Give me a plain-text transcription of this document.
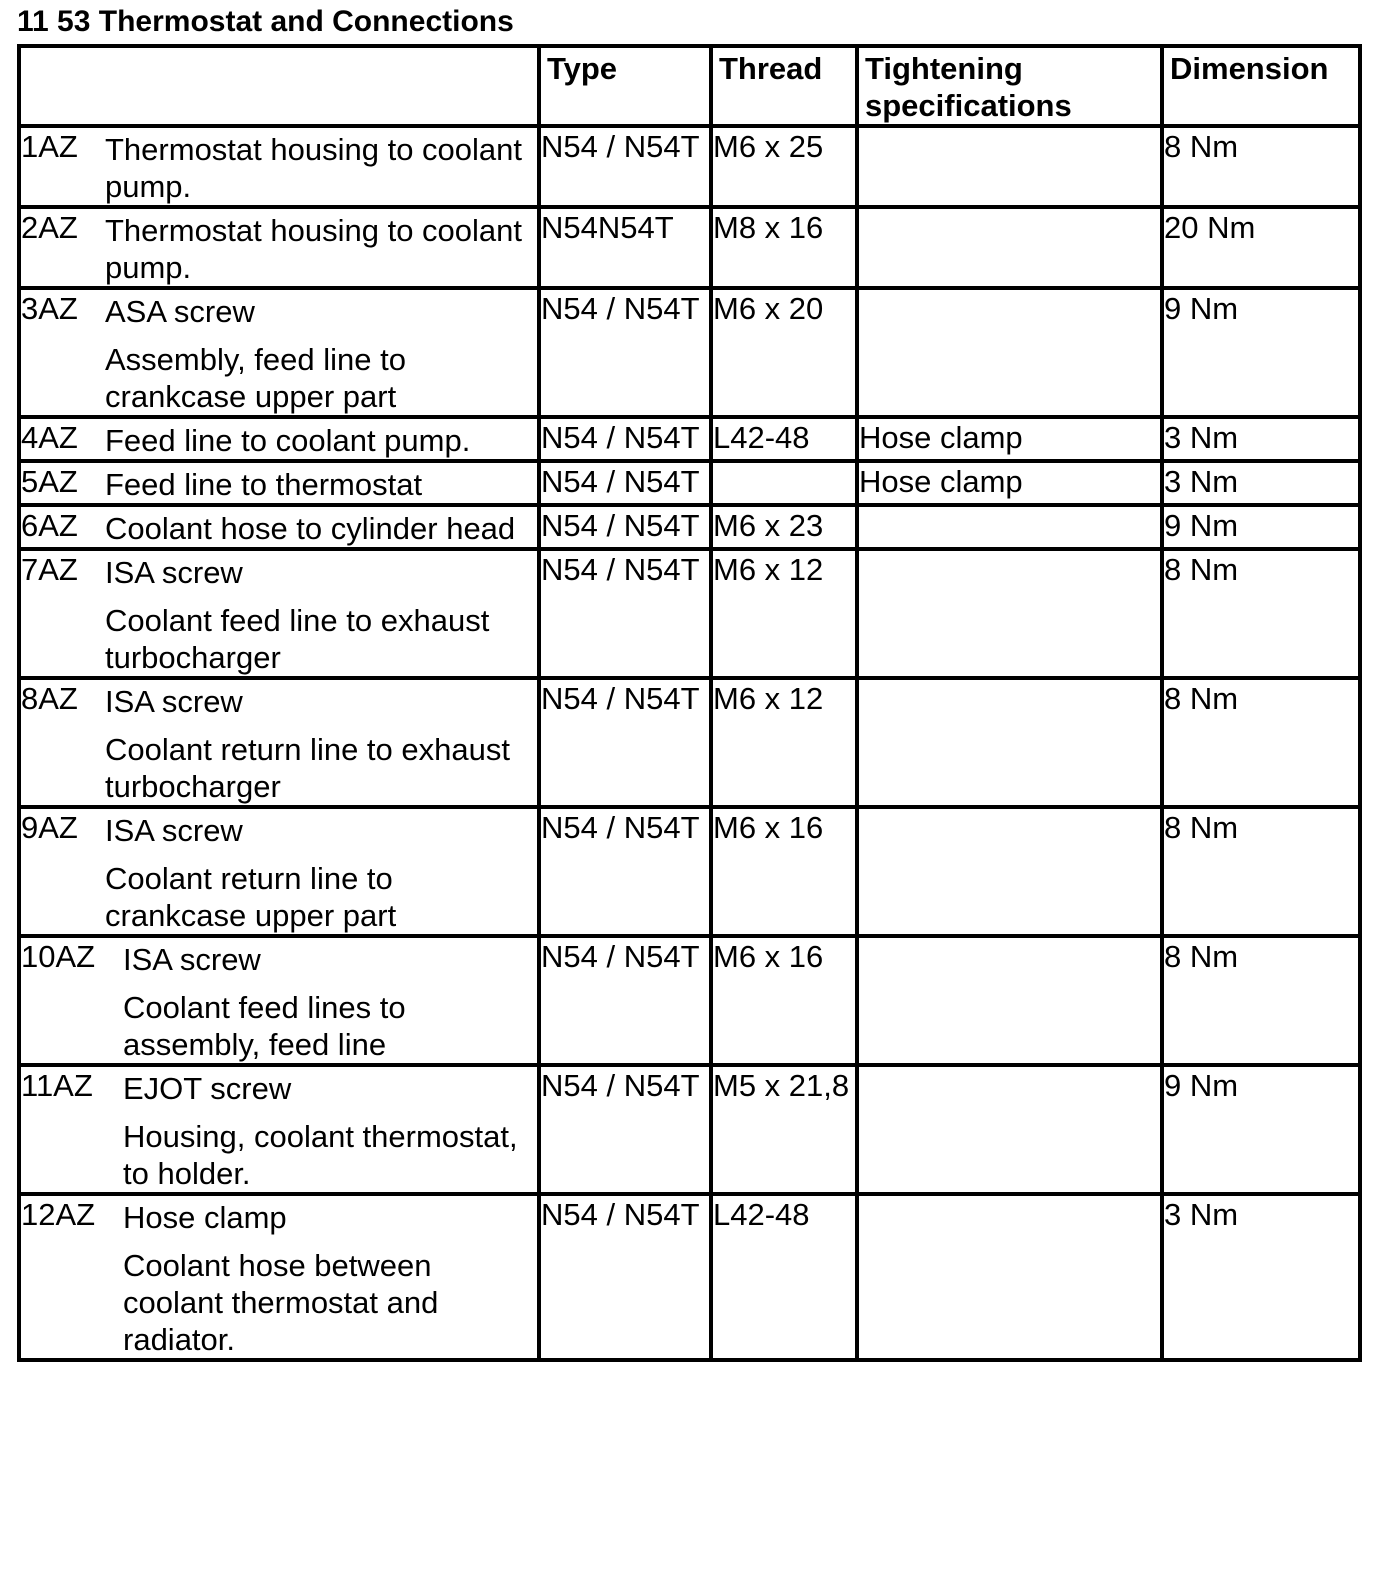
11 53 Thermostat and Connections
	Type	Thread	Tightening specifications	Dimension

1AZ Thermostat housing to coolant pump.	N54 / N54T	M6 x 25		8 Nm

2AZ Thermostat housing to coolant pump.	N54N54T	M8 x 16		20 Nm

3AZ ASA screw
Assembly, feed line to crankcase upper part	N54 / N54T	M6 x 20		9 Nm

4AZ Feed line to coolant pump.	N54 / N54T	L42-48	Hose clamp	3 Nm

5AZ Feed line to thermostat	N54 / N54T		Hose clamp	3 Nm

6AZ Coolant hose to cylinder head	N54 / N54T	M6 x 23		9 Nm

7AZ ISA screw
Coolant feed line to exhaust turbocharger	N54 / N54T	M6 x 12		8 Nm

8AZ ISA screw
Coolant return line to exhaust turbocharger	N54 / N54T	M6 x 12		8 Nm

9AZ ISA screw
Coolant return line to crankcase upper part	N54 / N54T	M6 x 16		8 Nm

10AZ ISA screw
Coolant feed lines to assembly, feed line	N54 / N54T	M6 x 16		8 Nm

11AZ EJOT screw
Housing, coolant thermostat, to holder.	N54 / N54T	M5 x 21,8		9 Nm

12AZ Hose clamp
Coolant hose between coolant thermostat and radiator.	N54 / N54T	L42-48		3 Nm
